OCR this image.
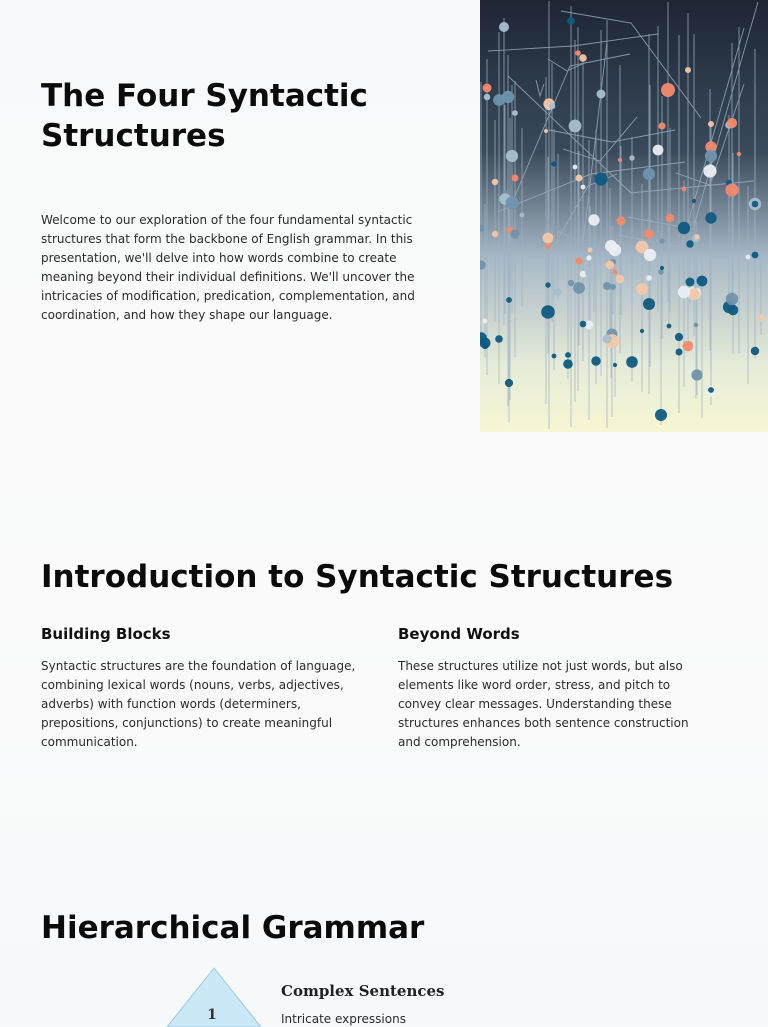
The Four Syntactic Structures

Welcome to our exploration of the four fundamental syntactic structures that form the backbone of English grammar. In this presentation, we'll delve into how words combine to create meaning beyond their individual definitions. We'll uncover the intricacies of modification, predication, complementation, and coordination, and how they shape our language.

Introduction to Syntactic Structures
Building Blocks

Syntactic structures are the foundation of language, combining lexical words (nouns, verbs, adjectives, adverbs) with function words (determiners, prepositions, conjunctions) to create meaningful communication.

Beyond Words

These structures utilize not just words, but also elements like word order, stress, and pitch to convey clear messages. Understanding these structures enhances both sentence construction and comprehension.

Hierarchical Grammar
1
Complex Sentences

Intricate expressions
